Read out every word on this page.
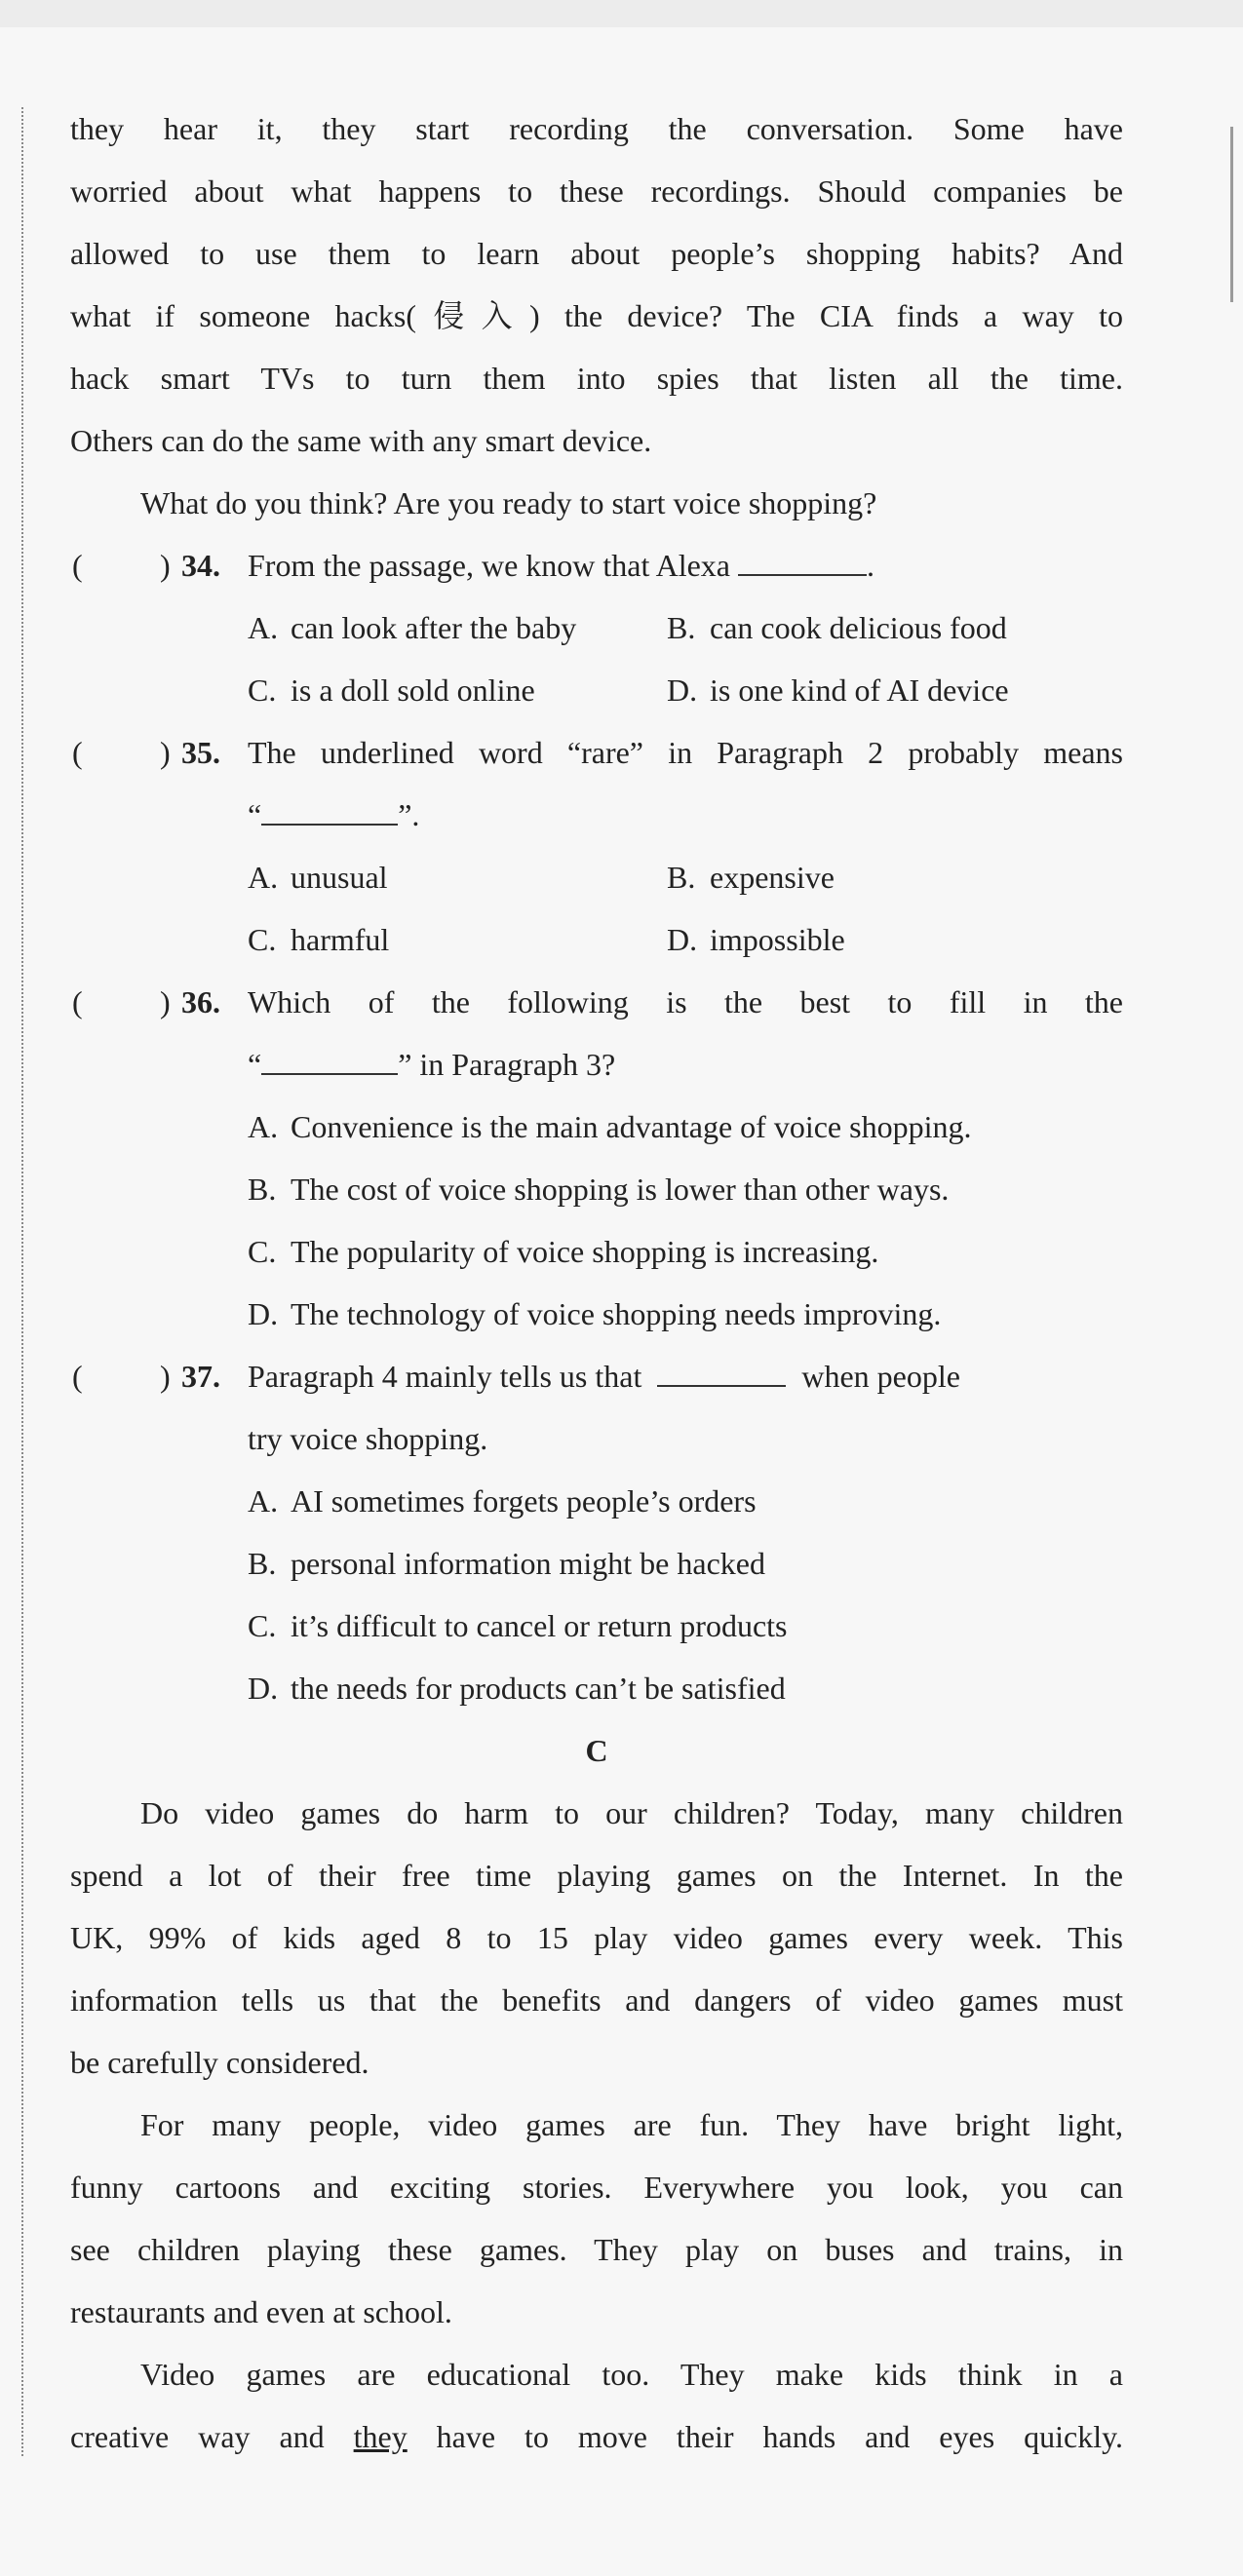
they hear it, they start recording the conversation. Some have
worried about what happens to these recordings. Should companies be
allowed to use them to learn about people’s shopping habits? And
what if someone hacks(侵入) the device? The CIA finds a way to
hack smart TVs to turn them into spies that listen all the time.
Others can do the same with any smart device.
What do you think? Are you ready to start voice shopping?
( ) 34. From the passage, we know that Alexa	.
A. can look after the baby	B. can cook delicious food
C. is a doll sold online	D. is one kind of AI device
( ) 35. The underlined word “rare” in Paragraph 2 probably means
“	”.
A. unusual	B. expensive
C. harmful	D. impossible
( ) 36. Which of the following is the best to fill in the
“	” in Paragraph 3?
A. Convenience is the main advantage of voice shopping.
B. The cost of voice shopping is lower than other ways.
C. The popularity of voice shopping is increasing.
D. The technology of voice shopping needs improving.
( ) 37. Paragraph 4 mainly tells us that	when people
try voice shopping.
A. AI sometimes forgets people’s orders
B. personal information might be hacked
C. it’s difficult to cancel or return products
D. the needs for products can’t be satisfied
C
Do video games do harm to our children? Today, many children
spend a lot of their free time playing games on the Internet. In the
UK, 99% of kids aged 8 to 15 play video games every week. This
information tells us that the benefits and dangers of video games must
be carefully considered.
For many people, video games are fun. They have bright light,
funny cartoons and exciting stories. Everywhere you look, you can
see children playing these games. They play on buses and trains, in
restaurants and even at school.
Video games are educational too. They make kids think in a
creative way and they have to move their hands and eyes quickly.
